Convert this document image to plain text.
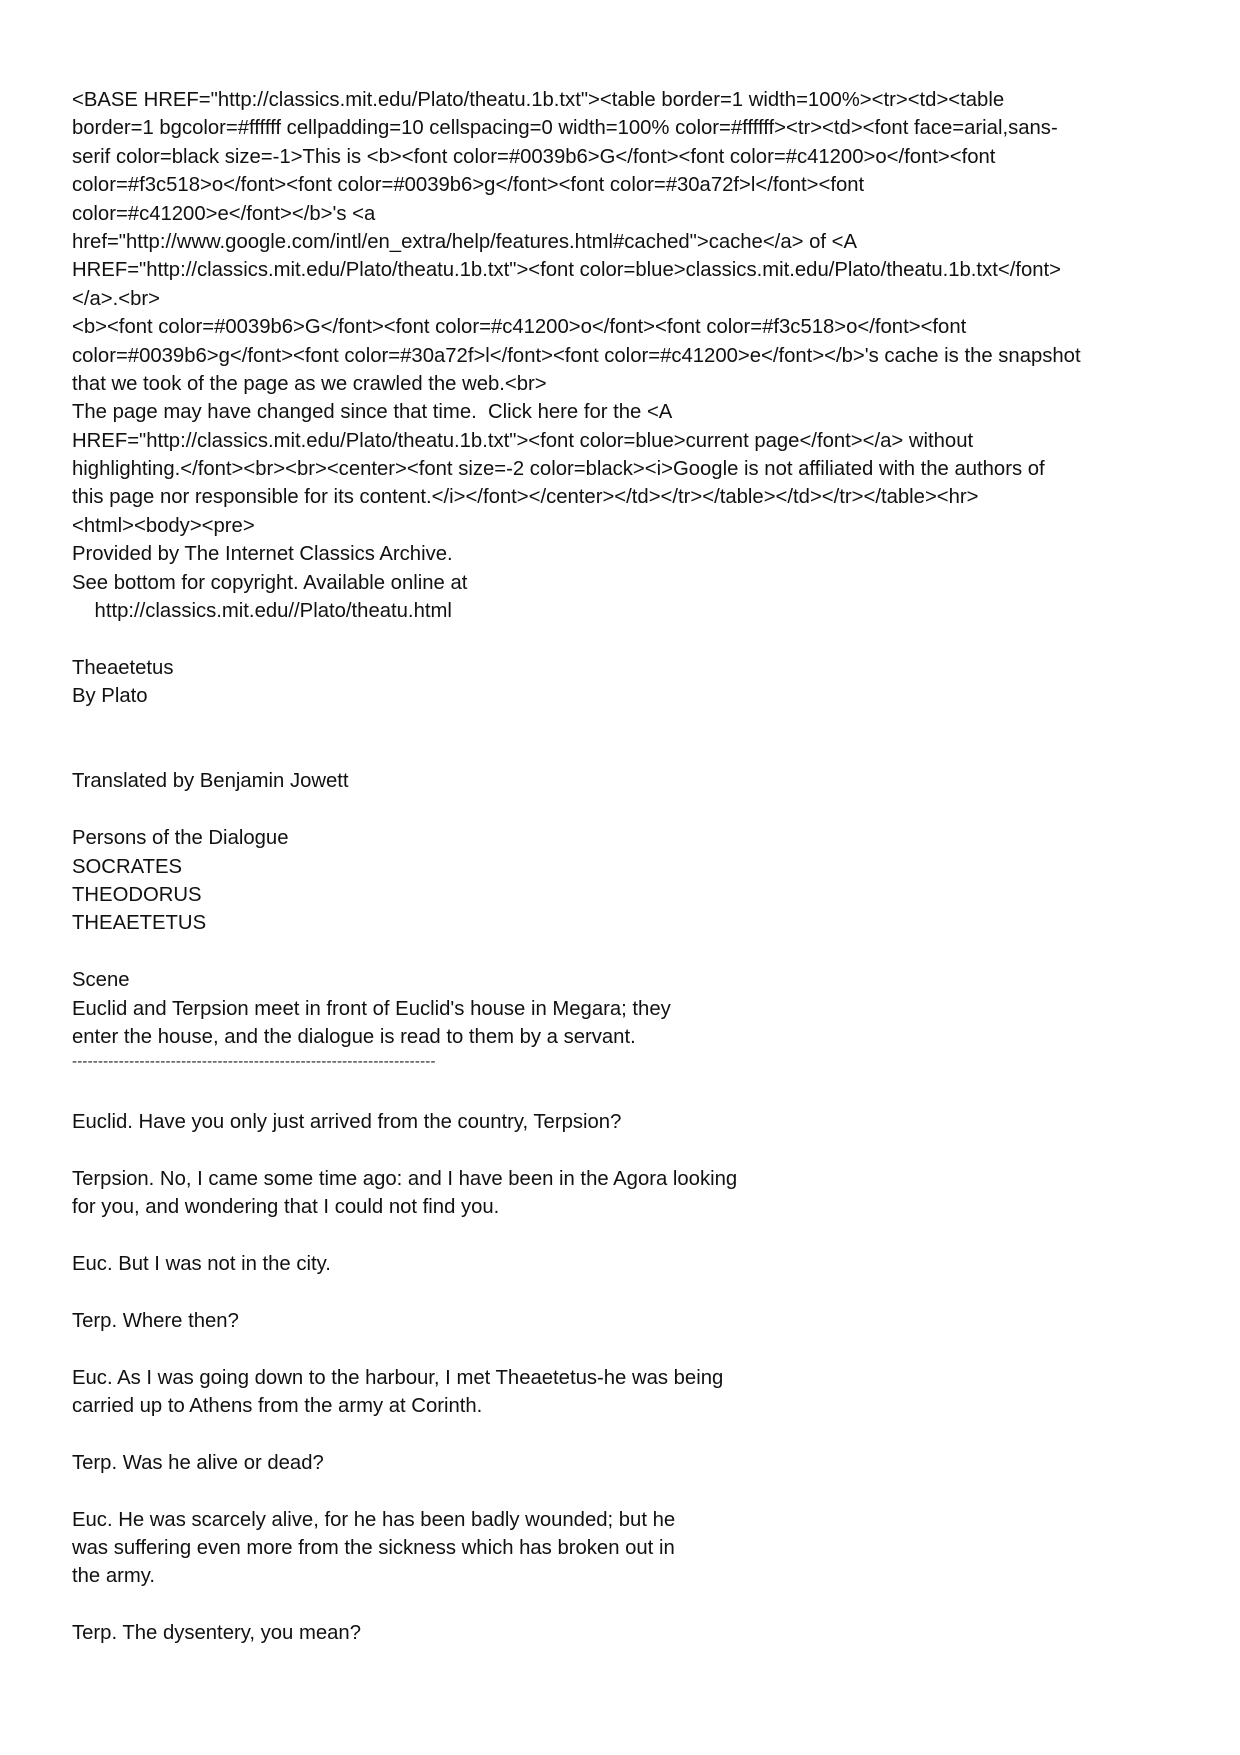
<BASE HREF="http://classics.mit.edu/Plato/theatu.1b.txt"><table border=1 width=100%><tr><td><table
border=1 bgcolor=#ffffff cellpadding=10 cellspacing=0 width=100% color=#ffffff><tr><td><font face=arial,sans-
serif color=black size=-1>This is <b><font color=#0039b6>G</font><font color=#c41200>o</font><font
color=#f3c518>o</font><font color=#0039b6>g</font><font color=#30a72f>l</font><font
color=#c41200>e</font></b>'s <a
href="http://www.google.com/intl/en_extra/help/features.html#cached">cache</a> of <A
HREF="http://classics.mit.edu/Plato/theatu.1b.txt"><font color=blue>classics.mit.edu/Plato/theatu.1b.txt</font>
</a>.<br>
<b><font color=#0039b6>G</font><font color=#c41200>o</font><font color=#f3c518>o</font><font
color=#0039b6>g</font><font color=#30a72f>l</font><font color=#c41200>e</font></b>'s cache is the snapshot
that we took of the page as we crawled the web.<br>
The page may have changed since that time.  Click here for the <A
HREF="http://classics.mit.edu/Plato/theatu.1b.txt"><font color=blue>current page</font></a> without
highlighting.</font><br><br><center><font size=-2 color=black><i>Google is not affiliated with the authors of
this page nor responsible for its content.</i></font></center></td></tr></table></td></tr></table><hr>
<html><body><pre>
Provided by The Internet Classics Archive.
See bottom for copyright. Available online at
http://classics.mit.edu//Plato/theatu.html
Theaetetus
By Plato
Translated by Benjamin Jowett
Persons of the Dialogue
SOCRATES
THEODORUS
THEAETETUS
Scene
Euclid and Terpsion meet in front of Euclid's house in Megara; they
enter the house, and the dialogue is read to them by a servant.
----------------------------------------------------------------------
Euclid. Have you only just arrived from the country, Terpsion?
Terpsion. No, I came some time ago: and I have been in the Agora looking
for you, and wondering that I could not find you.
Euc. But I was not in the city.
Terp. Where then?
Euc. As I was going down to the harbour, I met Theaetetus-he was being
carried up to Athens from the army at Corinth.
Terp. Was he alive or dead?
Euc. He was scarcely alive, for he has been badly wounded; but he
was suffering even more from the sickness which has broken out in
the army.
Terp. The dysentery, you mean?
